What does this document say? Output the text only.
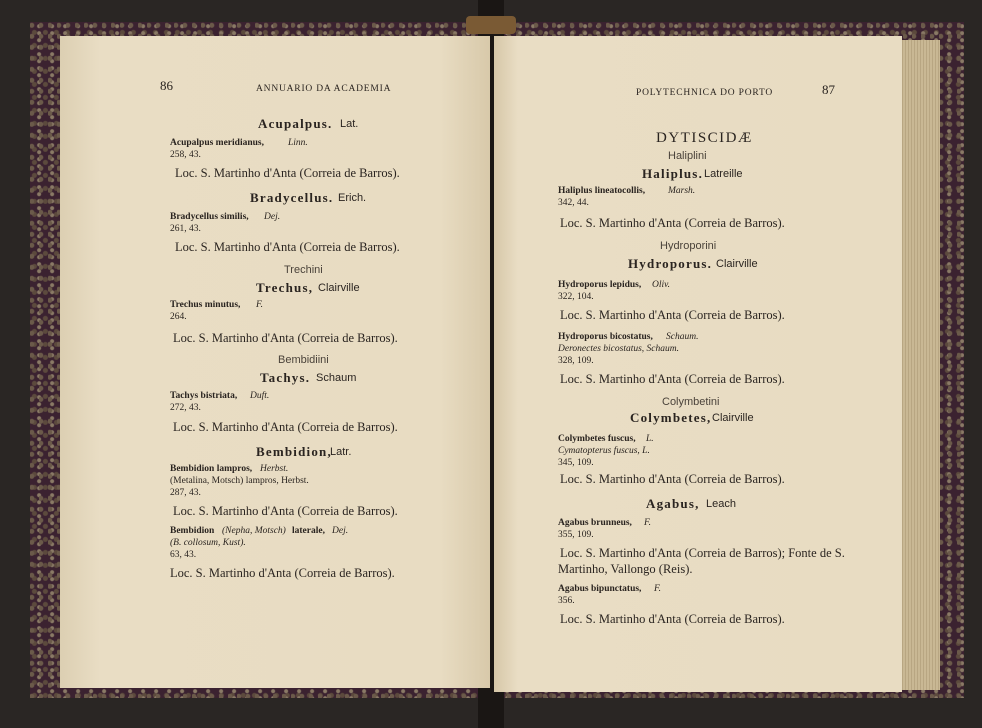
86	ANNUARIO DA ACADEMIA
Acupalpus. Lat.
Acupalpus meridianus,	Linn.
258, 43.
Loc. S. Martinho d'Anta (Correia de Barros).
Bradycellus. Erich.
Bradycellus similis, Dej.
261, 43.
Loc. S. Martinho d'Anta (Correia de Barros).
Trechini
Trechus, Clairville
Trechus minutus, F.
264.
Loc. S. Martinho d'Anta (Correia de Barros).
Bembidiini
Tachys. Schaum
Tachys bistriata, Duft.
272, 43.
Loc. S. Martinho d'Anta (Correia de Barros).
Bembidion,
Latr.
Bembidion lampros, Herbst.
(Metalina, Motsch) lampros, Herbst.
287, 43.
Loc. S. Martinho d'Anta (Correia de Barros).
Bembidion (Nepha, Motsch) laterale, Dej.
(B. collosum, Kust).
63, 43.
Loc. S. Martinho d'Anta (Correia de Barros).
POLYTECHNICA DO PORTO	87
DYTISCIDÆ
Haliplini
Haliplus. Latreille
Haliplus lineatocollis, Marsh.
342, 44.
Loc. S. Martinho d'Anta (Correia de Barros).
Hydroporini
Hydroporus. Clairville
Hydroporus lepidus, Oliv.
322, 104.
Loc. S. Martinho d'Anta (Correia de Barros).
Hydroporus bicostatus, Schaum.
Deronectes bicostatus, Schaum.
328, 109.
Loc. S. Martinho d'Anta (Correia de Barros).
Colymbetini
Colymbetes, Clairville
Colymbetes fuscus, L.
Cymatopterus fuscus, L.
345, 109.
Loc. S. Martinho d'Anta (Correia de Barros).
Agabus, Leach
Agabus brunneus, F.
355, 109.
Loc. S. Martinho d'Anta (Correia de Barros); Fonte de S.
Martinho, Vallongo (Reis).
Agabus bipunctatus, F.
356.
Loc. S. Martinho d'Anta (Correia de Barros).
